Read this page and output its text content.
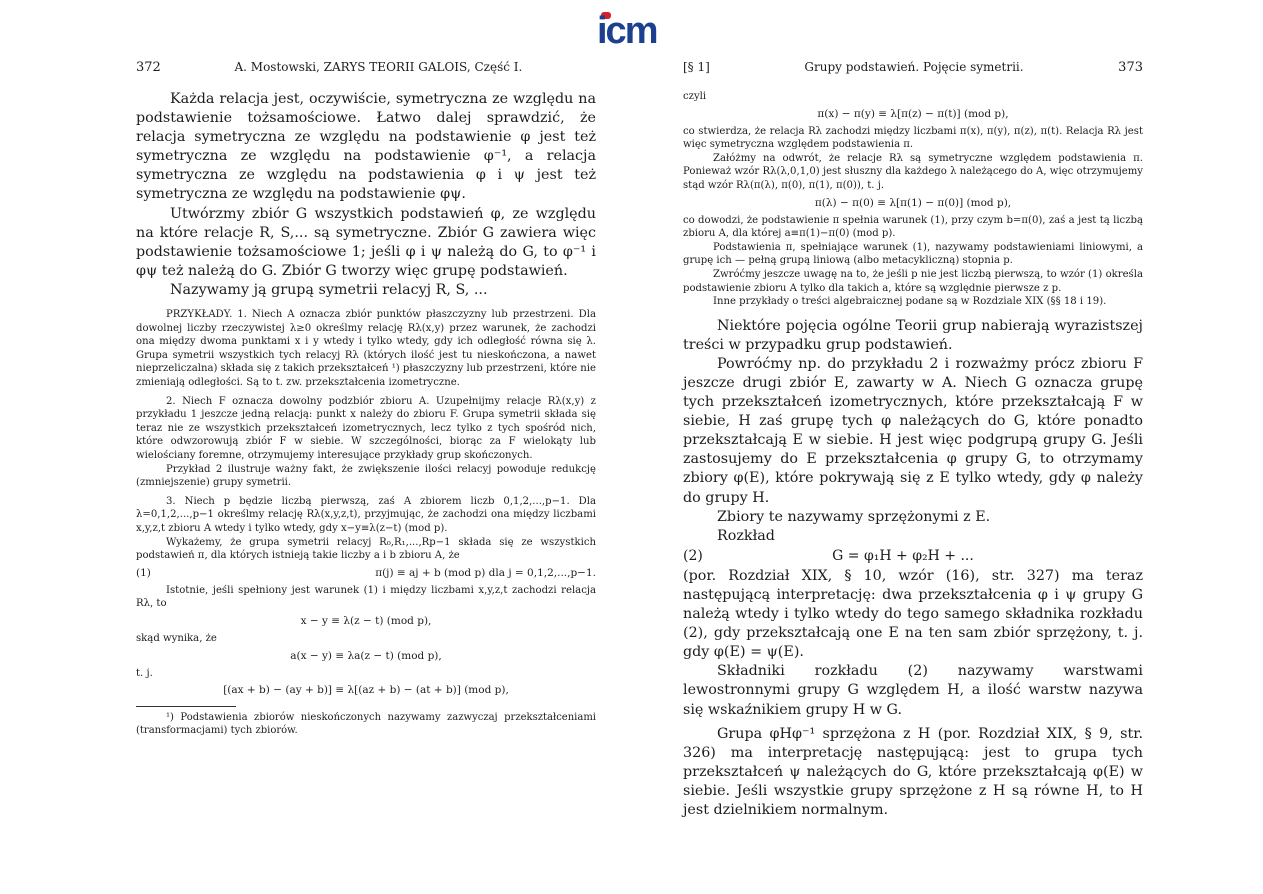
icm
372	A. Mostowski, ZARYS TEORII GALOIS, Część I.

Każda relacja jest, oczywiście, symetryczna ze względu na podstawienie tożsamościowe. Łatwo dalej sprawdzić, że relacja symetryczna ze względu na podstawienie φ jest też symetryczna ze względu na podstawienie φ⁻¹, a relacja symetryczna ze względu na podstawienia φ i ψ jest też symetryczna ze względu na podstawienie φψ.

Utwórzmy zbiór G wszystkich podstawień φ, ze względu na które relacje R, S,... są symetryczne. Zbiór G zawiera więc podstawienie tożsamościowe 1; jeśli φ i ψ należą do G, to φ⁻¹ i φψ też należą do G. Zbiór G tworzy więc grupę podstawień.

Nazywamy ją grupą symetrii relacyj R, S, ...

PRZYKŁADY. 1. Niech A oznacza zbiór punktów płaszczyzny lub przestrzeni. Dla dowolnej liczby rzeczywistej λ≥0 określmy relację Rλ(x,y) przez warunek, że zachodzi ona między dwoma punktami x i y wtedy i tylko wtedy, gdy ich odległość równa się λ. Grupa symetrii wszystkich tych relacyj Rλ (których ilość jest tu nieskończona, a nawet nieprzeliczalna) składa się z takich przekształceń ¹) płaszczyzny lub przestrzeni, które nie zmieniają odległości. Są to t. zw. przekształcenia izometryczne.

2. Niech F oznacza dowolny podzbiór zbioru A. Uzupełnijmy relacje Rλ(x,y) z przykładu 1 jeszcze jedną relacją: punkt x należy do zbioru F. Grupa symetrii składa się teraz nie ze wszystkich przekształceń izometrycznych, lecz tylko z tych spośród nich, które odwzorowują zbiór F w siebie. W szczególności, biorąc za F wielokąty lub wielościany foremne, otrzymujemy interesujące przykłady grup skończonych.

Przykład 2 ilustruje ważny fakt, że zwiększenie ilości relacyj powoduje redukcję (zmniejszenie) grupy symetrii.

3. Niech p będzie liczbą pierwszą, zaś A zbiorem liczb 0,1,2,...,p−1. Dla λ=0,1,2,...,p−1 określmy relację Rλ(x,y,z,t), przyjmując, że zachodzi ona między liczbami x,y,z,t zbioru A wtedy i tylko wtedy, gdy x−y≡λ(z−t) (mod p).

Wykażemy, że grupa symetrii relacyj R₀,R₁,...,Rp−1 składa się ze wszystkich podstawień π, dla których istnieją takie liczby a i b zbioru A, że

(1)	π(j) ≡ aj + b (mod p) dla j = 0,1,2,...,p−1.

Istotnie, jeśli spełniony jest warunek (1) i między liczbami x,y,z,t zachodzi relacja Rλ, to

x − y ≡ λ(z − t) (mod p),

skąd wynika, że

a(x − y) ≡ λa(z − t) (mod p),

t. j.

[(ax + b) − (ay + b)] ≡ λ[(az + b) − (at + b)] (mod p),

¹) Podstawienia zbiorów nieskończonych nazywamy zazwyczaj przekształceniami (transformacjami) tych zbiorów.

[§ 1]	Grupy podstawień. Pojęcie symetrii.	373

czyli

π(x) − π(y) ≡ λ[π(z) − π(t)] (mod p),

co stwierdza, że relacja Rλ zachodzi między liczbami π(x), π(y), π(z), π(t). Relacja Rλ jest więc symetryczna względem podstawienia π.

Załóżmy na odwrót, że relacje Rλ są symetryczne względem podstawienia π. Ponieważ wzór Rλ(λ,0,1,0) jest słuszny dla każdego λ należącego do A, więc otrzymujemy stąd wzór Rλ(π(λ), π(0), π(1), π(0)), t. j.

π(λ) − π(0) ≡ λ[π(1) − π(0)] (mod p),

co dowodzi, że podstawienie π spełnia warunek (1), przy czym b=π(0), zaś a jest tą liczbą zbioru A, dla której a≡π(1)−π(0) (mod p).

Podstawienia π, spełniające warunek (1), nazywamy podstawieniami liniowymi, a grupę ich — pełną grupą liniową (albo metacykliczną) stopnia p.

Zwróćmy jeszcze uwagę na to, że jeśli p nie jest liczbą pierwszą, to wzór (1) określa podstawienie zbioru A tylko dla takich a, które są względnie pierwsze z p.

Inne przykłady o treści algebraicznej podane są w Rozdziale XIX (§§ 18 i 19).

Niektóre pojęcia ogólne Teorii grup nabierają wyrazistszej treści w przypadku grup podstawień.

Powróćmy np. do przykładu 2 i rozważmy prócz zbioru F jeszcze drugi zbiór E, zawarty w A. Niech G oznacza grupę tych przekształceń izometrycznych, które przekształcają F w siebie, H zaś grupę tych φ należących do G, które ponadto przekształcają E w siebie. H jest więc podgrupą grupy G. Jeśli zastosujemy do E przekształcenia φ grupy G, to otrzymamy zbiory φ(E), które pokrywają się z E tylko wtedy, gdy φ należy do grupy H.

Zbiory te nazywamy sprzężonymi z E.

Rozkład

(2)	G = φ₁H + φ₂H + ...

(por. Rozdział XIX, § 10, wzór (16), str. 327) ma teraz następującą interpretację: dwa przekształcenia φ i ψ grupy G należą wtedy i tylko wtedy do tego samego składnika rozkładu (2), gdy przekształcają one E na ten sam zbiór sprzężony, t. j. gdy φ(E) = ψ(E).

Składniki rozkładu (2) nazywamy warstwami lewostronnymi grupy G względem H, a ilość warstw nazywa się wskaźnikiem grupy H w G.

Grupa φHφ⁻¹ sprzężona z H (por. Rozdział XIX, § 9, str. 326) ma interpretację następującą: jest to grupa tych przekształceń ψ należących do G, które przekształcają φ(E) w siebie. Jeśli wszystkie grupy sprzężone z H są równe H, to H jest dzielnikiem normalnym.
